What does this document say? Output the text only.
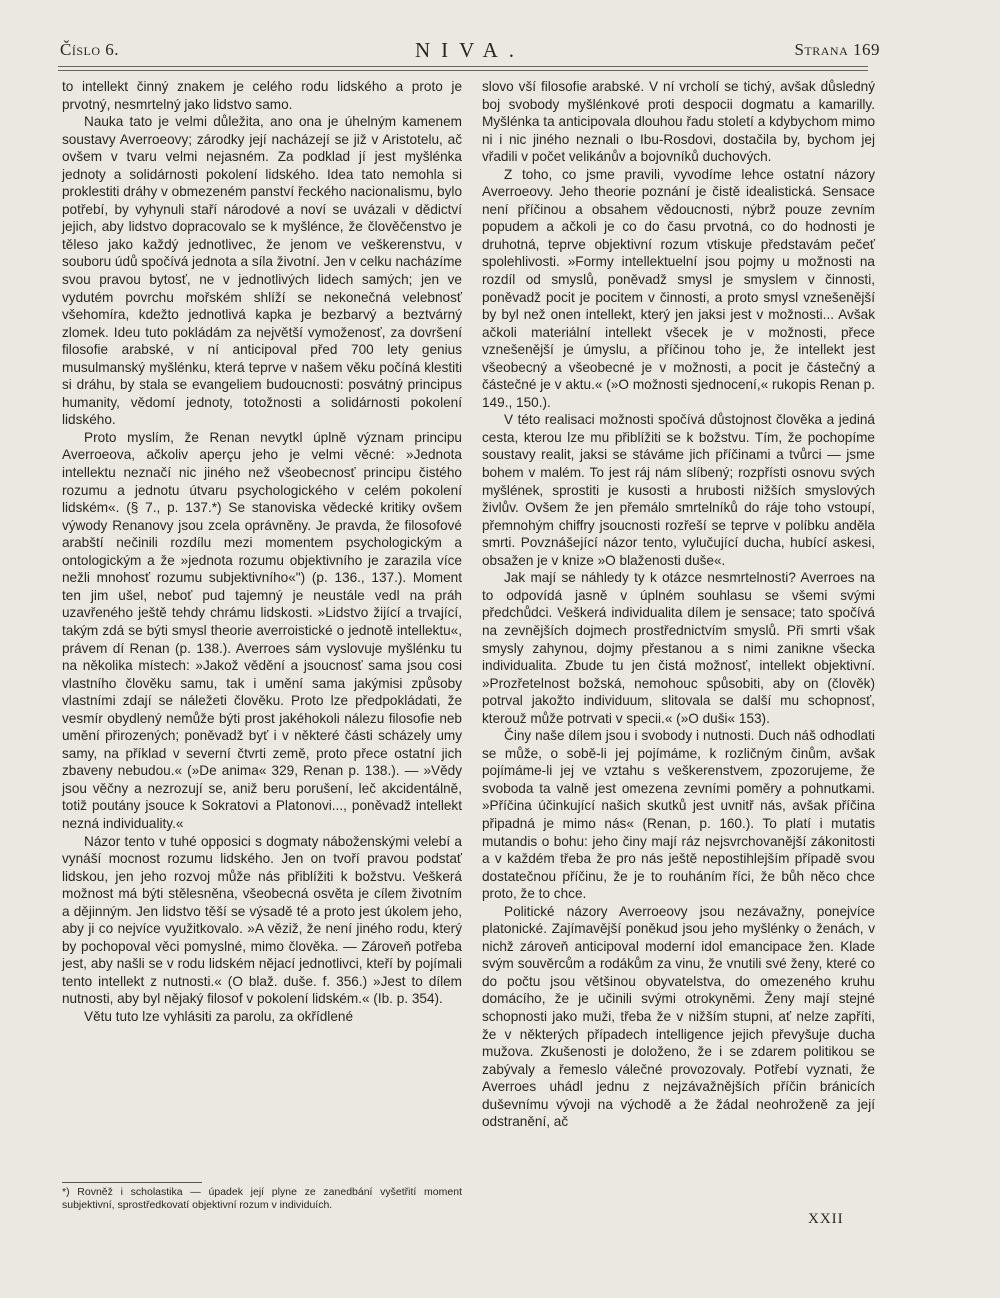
Číslo 6.	NIVA.	Strana 169

to intellekt činný znakem je celého rodu lidského a proto je prvotný, nesmrtelný jako lidstvo samo.

Nauka tato je velmi důležita, ano ona je úhelným kamenem soustavy Averroeovy; zárodky její nacházejí se již v Aristotelu, ač ovšem v tvaru velmi nejasném. Za podklad jí jest myšlénka jednoty a solidárnosti pokolení lidského. Idea tato nemohla si proklestiti dráhy v obmezeném panství řeckého nacionalismu, bylo potřebí, by vyhynuli staří národové a noví se uvázali v dědictví jejich, aby lidstvo dopracovalo se k myšlénce, že člověčenstvo je těleso jako každý jednotlivec, že jenom ve veškerenstvu, v souboru údů spočívá jednota a síla životní. Jen v celku nacházíme svou pravou bytosť, ne v jednotlivých lidech samých; jen ve vydutém povrchu mořském shlíží se nekonečná velebnosť všehomíra, kdežto jednotlivá kapka je bezbarvý a beztvárný zlomek. Ideu tuto pokládám za největší vymoženosť, za dovršení filosofie arabské, v ní anticipoval před 700 lety genius musulmanský myšlénku, která teprve v našem věku počíná klestiti si dráhu, by stala se evangeliem budoucnosti: posvátný principus humanity, vědomí jednoty, totožnosti a solidárnosti pokolení lidského.

Proto myslím, že Renan nevytkl úplně význam principu Averroeova, ačkoliv aperçu jeho je velmi věcné: »Jednota intellektu neznačí nic jiného než všeobecnosť principu čistého rozumu a jednotu útvaru psychologického v celém pokolení lidském«. (§ 7., p. 137.*) Se stanoviska vědecké kritiky ovšem výwody Renanovy jsou zcela oprávněny. Je pravda, že filosofové arabští nečinili rozdílu mezi momentem psychologickým a ontologickým a že »jednota rozumu objektivního je zarazila více nežli mnohosť rozumu subjektivního«") (p. 136., 137.). Moment ten jim ušel, neboť pud tajemný je neustále vedl na práh uzavřeného ještě tehdy chrámu lidskosti. »Lidstvo žijící a trvající, takým zdá se býti smysl theorie averroistické o jednotě intellektu«, právem dí Renan (p. 138.). Averroes sám vyslovuje myšlénku tu na několika místech: »Jakož vědění a jsoucnosť sama jsou cosi vlastního člověku samu, tak i umění sama jakýmisi způsoby vlastními zdají se náležeti člověku. Proto lze předpokládati, že vesmír obydlený nemůže býti prost jakéhokoli nálezu filosofie neb umění přirozených; poněvadž byť i v některé části scházely umy samy, na příklad v severní čtvrti země, proto přece ostatní jich zbaveny nebudou.« (»De anima« 329, Renan p. 138.). — »Vědy jsou věčny a nezrozují se, aniž beru porušení, leč akcidentálně, totiž poutány jsouce k Sokratovi a Platonovi..., poněvadž intellekt nezná individuality.«

Názor tento v tuhé opposici s dogmaty náboženskými velebí a vynáší mocnost rozumu lidského. Jen on tvoří pravou podstať lidskou, jen jeho rozvoj může nás přiblížiti k božstvu. Veškerá možnost má býti stělesněna, všeobecná osvěta je cílem životním a dějinným. Jen lidstvo těší se výsadě té a proto jest úkolem jeho, aby ji co nejvíce využitkovalo. »A věziž, že není jiného rodu, který by pochopoval věci pomyslné, mimo člověka. — Zároveň potřeba jest, aby našli se v rodu lidském nějací jednotlivci, kteří by pojímali tento intellekt z nutnosti.« (O blaž. duše. f. 356.) »Jest to dílem nutnosti, aby byl nějaký filosof v pokolení lidském.« (Ib. p. 354).

Větu tuto lze vyhlásiti za parolu, za okřídlené

*) Rovněž i scholastika — úpadek její plyne ze zanedbání vyšetřití moment subjektivní, sprostředkovatí objektivní rozum v individuích.

slovo vší filosofie arabské. V ní vrcholí se tichý, avšak důsledný boj svobody myšlénkové proti despocii dogmatu a kamarilly. Myšlénka ta anticipovala dlouhou řadu století a kdybychom mimo ni i nic jiného neznali o Ibu-Rosdovi, dostačila by, bychom jej vřadili v počet velikánův a bojovníků duchových.

Z toho, co jsme pravili, vyvodíme lehce ostatní názory Averroeovy. Jeho theorie poznání je čistě idealistická. Sensace není příčinou a obsahem vědoucnosti, nýbrž pouze zevním popudem a ačkoli je co do času prvotná, co do hodnosti je druhotná, teprve objektivní rozum vtiskuje představám pečeť spolehlivosti. »Formy intellektuelní jsou pojmy u možnosti na rozdíl od smyslů, poněvadž smysl je smyslem v činnosti, poněvadž pocit je pocitem v činnosti, a proto smysl vznešenější by byl než onen intellekt, který jen jaksi jest v možnosti... Avšak ačkoli materiální intellekt všecek je v možnosti, přece vznešenější je úmyslu, a příčinou toho je, že intellekt jest všeobecný a všeobecné je v možnosti, a pocit je částečný a částečné je v aktu.« (»O možnosti sjednocení,« rukopis Renan p. 149., 150.).

V této realisaci možnosti spočívá důstojnost člověka a jediná cesta, kterou lze mu přiblížiti se k božstvu. Tím, že pochopíme soustavy realit, jaksi se stáváme jich příčinami a tvůrci — jsme bohem v malém. To jest ráj nám slíbený; rozpřísti osnovu svých myšlének, sprostiti je kusosti a hrubosti nižších smyslových živlův. Ovšem že jen přemálo smrtelníků do ráje toho vstoupí, přemnohým chiffry jsoucnosti rozřeší se teprve v políbku anděla smrti. Povznášející názor tento, vylučující ducha, hubící askesi, obsažen je v knize »O blaženosti duše«.

Jak mají se náhledy ty k otázce nesmrtelnosti? Averroes na to odpovídá jasně v úplném souhlasu se všemi svými předchůdci. Veškerá individualita dílem je sensace; tato spočívá na zevnějších dojmech prostřednictvím smyslů. Při smrti však smysly zahynou, dojmy přestanou a s nimi zanikne všecka individualita. Zbude tu jen čistá možnosť, intellekt objektivní. »Prozřetelnost božská, nemohouc spůsobiti, aby on (člověk) potrval jakožto individuum, slitovala se další mu schopnosť, kterouž může potrvati v specii.« (»O duši« 153).

Činy naše dílem jsou i svobody i nutnosti. Duch náš odhodlati se může, o sobě-li jej pojímáme, k rozličným činům, avšak pojímáme-li jej ve vztahu s veškerenstvem, zpozorujeme, že svoboda ta valně jest omezena zevními poměry a pohnutkami. »Příčina účinkující našich skutků jest uvnitř nás, avšak příčina připadná je mimo nás« (Renan, p. 160.). To platí i mutatis mutandis o bohu: jeho činy mají ráz nejsvrchovanější zákonitosti a v každém třeba že pro nás ještě nepostihlejším případě svou dostatečnou příčinu, že je to rouháním říci, že bůh něco chce proto, že to chce.

Politické názory Averroeovy jsou nezávažny, ponejvíce platonické. Zajímavější poněkud jsou jeho myšlénky o ženách, v nichž zároveň anticipoval moderní idol emancipace žen. Klade svým souvěrcům a rodákům za vinu, že vnutili své ženy, které co do počtu jsou většinou obyvatelstva, do omezeného kruhu domácího, že je učinili svými otrokyněmi. Ženy mají stejné schopnosti jako muži, třeba že v nižším stupni, ať nelze zapříti, že v některých případech intelligence jejich převyšuje ducha mužova. Zkušenosti je doloženo, že i se zdarem politikou se zabývaly a řemeslo válečné provozovaly. Potřebí vyznati, že Averroes uhádl jednu z nejzávažnějších příčin bránicích duševnímu vývoji na východě a že žádal neohroženě za její odstranění, ač

XXII
